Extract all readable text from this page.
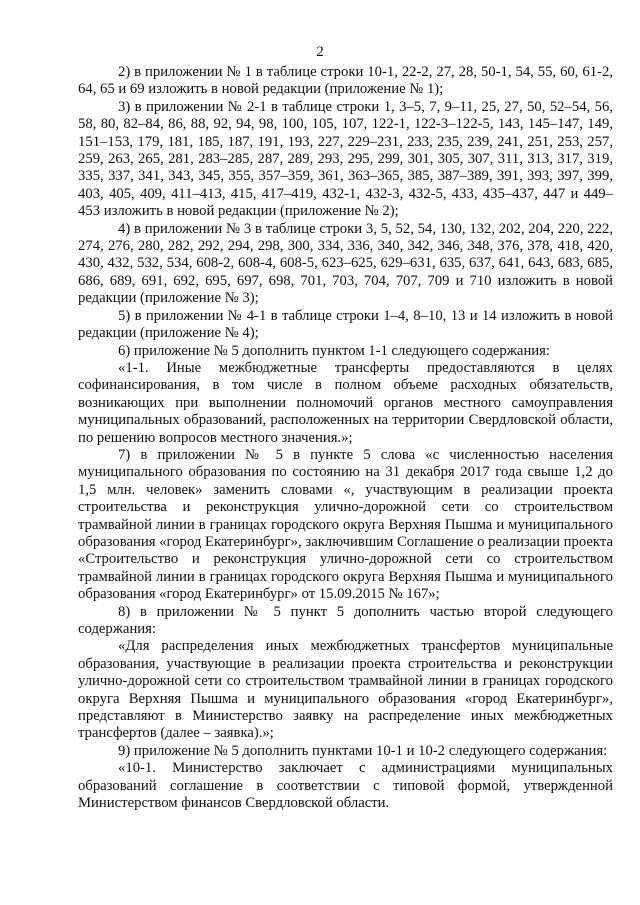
2

2) в приложении № 1 в таблице строки 10-1, 22-2, 27, 28, 50-1, 54, 55, 60, 61-2, 64, 65 и 69 изложить в новой редакции (приложение № 1);

3) в приложении № 2-1 в таблице строки 1, 3–5, 7, 9–11, 25, 27, 50, 52–54, 56, 58, 80, 82–84, 86, 88, 92, 94, 98, 100, 105, 107, 122-1, 122-3–122-5, 143, 145–147, 149, 151–153, 179, 181, 185, 187, 191, 193, 227, 229–231, 233, 235, 239, 241, 251, 253, 257, 259, 263, 265, 281, 283–285, 287, 289, 293, 295, 299, 301, 305, 307, 311, 313, 317, 319, 335, 337, 341, 343, 345, 355, 357–359, 361, 363–365, 385, 387–389, 391, 393, 397, 399, 403, 405, 409, 411–413, 415, 417–419, 432-1, 432-3, 432-5, 433, 435–437, 447 и 449–453 изложить в новой редакции (приложение № 2);

4) в приложении № 3 в таблице строки 3, 5, 52, 54, 130, 132, 202, 204, 220, 222, 274, 276, 280, 282, 292, 294, 298, 300, 334, 336, 340, 342, 346, 348, 376, 378, 418, 420, 430, 432, 532, 534, 608-2, 608-4, 608-5, 623–625, 629–631, 635, 637, 641, 643, 683, 685, 686, 689, 691, 692, 695, 697, 698, 701, 703, 704, 707, 709 и 710 изложить в новой редакции (приложение № 3);

5) в приложении № 4-1 в таблице строки 1–4, 8–10, 13 и 14 изложить в новой редакции (приложение № 4);

6) приложение № 5 дополнить пунктом 1-1 следующего содержания:

«1-1. Иные межбюджетные трансферты предоставляются в целях софинансирования, в том числе в полном объеме расходных обязательств, возникающих при выполнении полномочий органов местного самоуправления муниципальных образований, расположенных на территории Свердловской области, по решению вопросов местного значения.»;

7) в приложении № 5 в пункте 5 слова «с численностью населения муниципального образования по состоянию на 31 декабря 2017 года свыше 1,2 до 1,5 млн. человек» заменить словами «, участвующим в реализации проекта строительства и реконструкция улично-дорожной сети со строительством трамвайной линии в границах городского округа Верхняя Пышма и муниципального образования «город Екатеринбург», заключившим Соглашение о реализации проекта «Строительство и реконструкция улично-дорожной сети со строительством трамвайной линии в границах городского округа Верхняя Пышма и муниципального образования «город Екатеринбург» от 15.09.2015 № 167»;

8) в приложении № 5 пункт 5 дополнить частью второй следующего содержания:

«Для распределения иных межбюджетных трансфертов муниципальные образования, участвующие в реализации проекта строительства и реконструкции улично-дорожной сети со строительством трамвайной линии в границах городского округа Верхняя Пышма и муниципального образования «город Екатеринбург», представляют в Министерство заявку на распределение иных межбюджетных трансфертов (далее – заявка).»;

9) приложение № 5 дополнить пунктами 10-1 и 10-2 следующего содержания:

«10-1. Министерство заключает с администрациями муниципальных образований соглашение в соответствии с типовой формой, утвержденной Министерством финансов Свердловской области.
